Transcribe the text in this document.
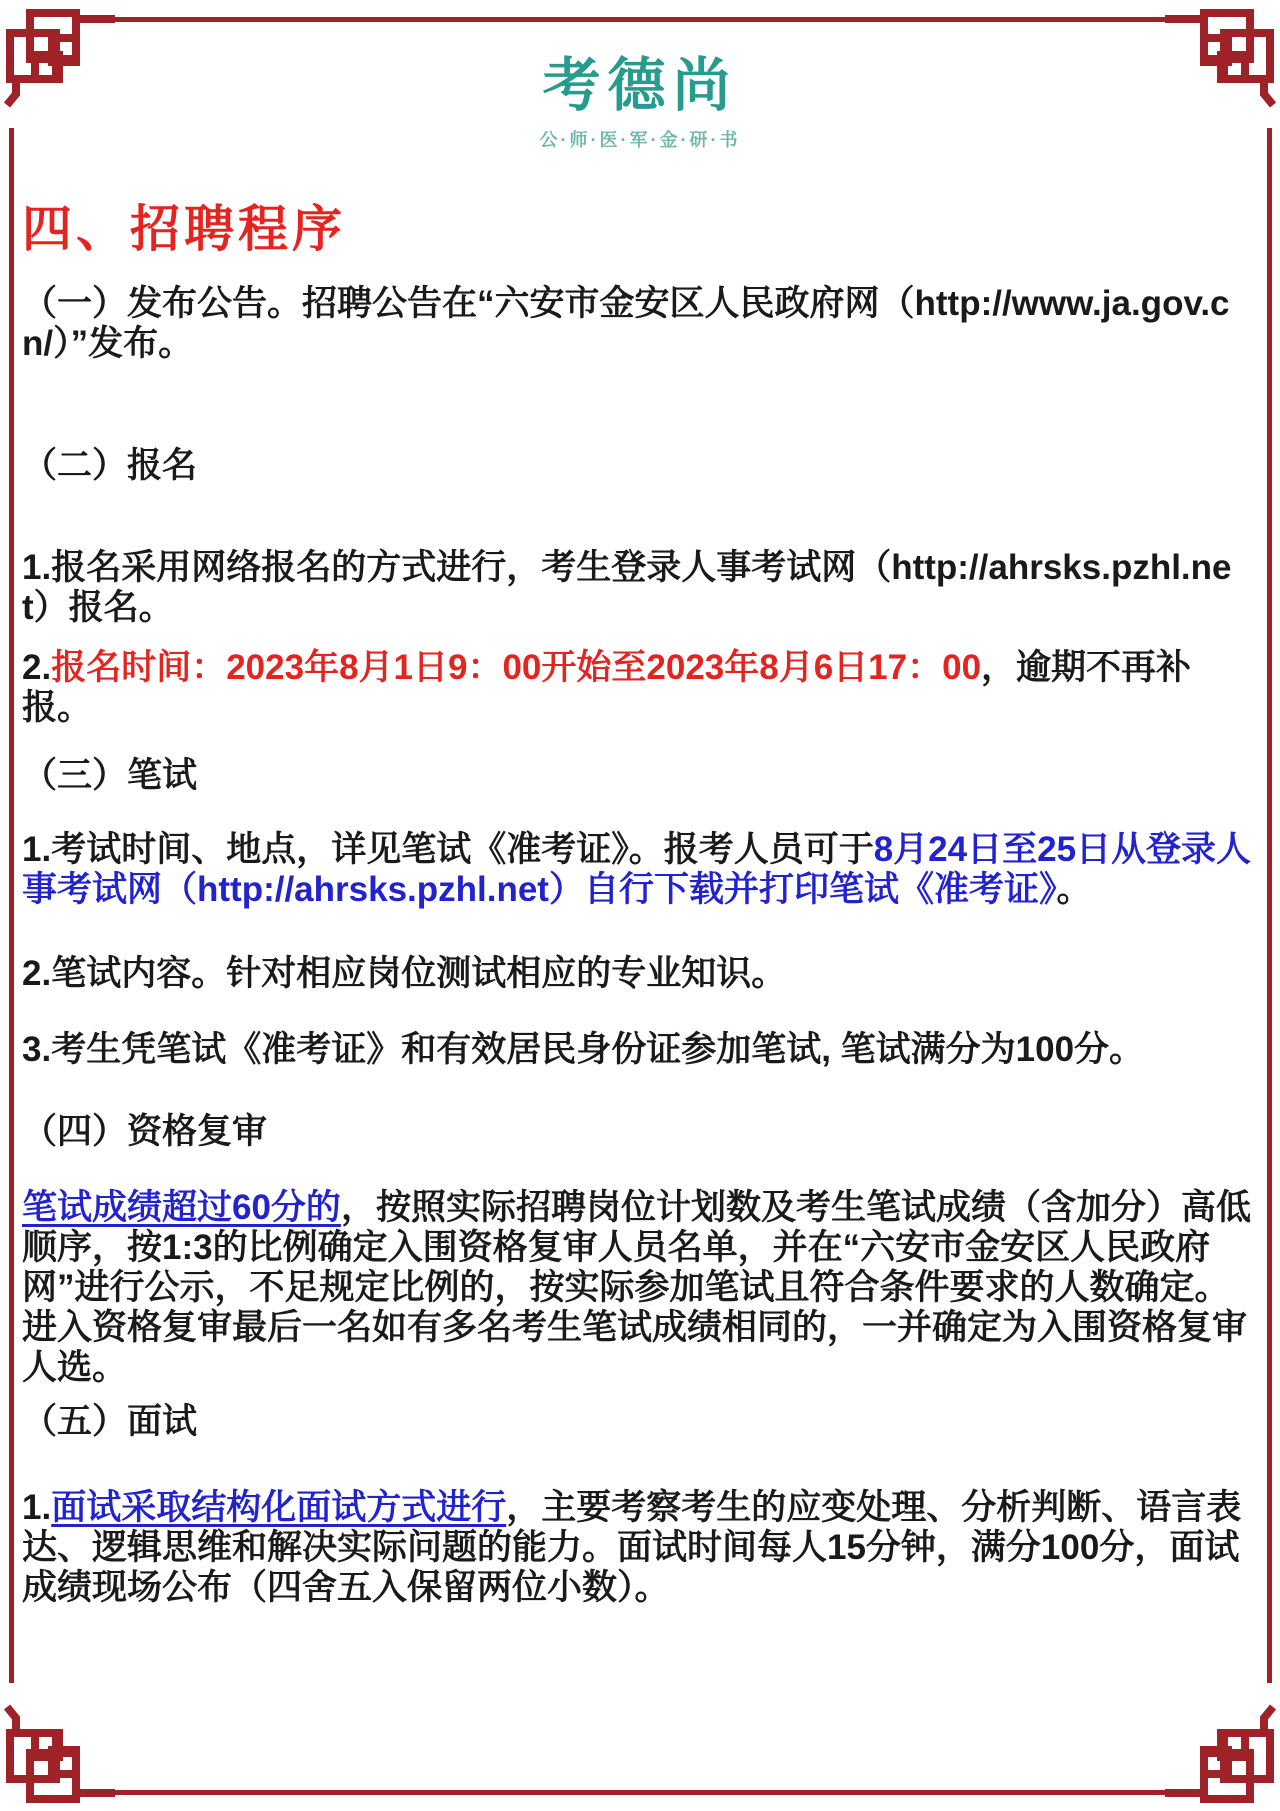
考德尚
公·师·医·军·金·研·书
四、招聘程序

（一）发布公告。招聘公告在“六安市金安区人民政府网（http://www.ja.gov.cn/）”发布。

（二）报名

1.报名采用网络报名的方式进行，考生登录人事考试网（http://ahrsks.pzhl.net）报名。

2.报名时间：2023年8月1日9：00开始至2023年8月6日17：00，逾期不再补报。

（三）笔试

1.考试时间、地点，详见笔试《准考证》。报考人员可于8月24日至25日从登录人事考试网（http://ahrsks.pzhl.net）自行下载并打印笔试《准考证》。

2.笔试内容。针对相应岗位测试相应的专业知识。

3.考生凭笔试《准考证》和有效居民身份证参加笔试, 笔试满分为100分。

（四）资格复审

笔试成绩超过60分的，按照实际招聘岗位计划数及考生笔试成绩（含加分）高低顺序，按1:3的比例确定入围资格复审人员名单，并在“六安市金安区人民政府网”进行公示，不足规定比例的，按实际参加笔试且符合条件要求的人数确定。进入资格复审最后一名如有多名考生笔试成绩相同的，一并确定为入围资格复审人选。

（五）面试

1.面试采取结构化面试方式进行，主要考察考生的应变处理、分析判断、语言表达、逻辑思维和解决实际问题的能力。面试时间每人15分钟，满分100分，面试成绩现场公布（四舍五入保留两位小数）。
